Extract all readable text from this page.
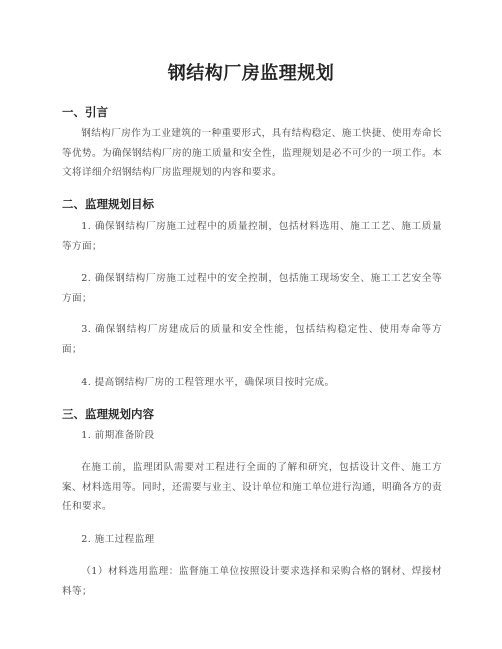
钢结构厂房监理规划
一、引言
钢结构厂房作为工业建筑的一种重要形式，具有结构稳定、施工快捷、使用寿命长等优势。为确保钢结构厂房的施工质量和安全性，监理规划是必不可少的一项工作。本文将详细介绍钢结构厂房监理规划的内容和要求。
二、监理规划目标
1. 确保钢结构厂房施工过程中的质量控制，包括材料选用、施工工艺、施工质量等方面；
2. 确保钢结构厂房施工过程中的安全控制，包括施工现场安全、施工工艺安全等方面；
3. 确保钢结构厂房建成后的质量和安全性能，包括结构稳定性、使用寿命等方面；
4. 提高钢结构厂房的工程管理水平，确保项目按时完成。
三、监理规划内容
1. 前期准备阶段
在施工前，监理团队需要对工程进行全面的了解和研究，包括设计文件、施工方案、材料选用等。同时，还需要与业主、设计单位和施工单位进行沟通，明确各方的责任和要求。
2. 施工过程监理
（1）材料选用监理：监督施工单位按照设计要求选择和采购合格的钢材、焊接材料等；
